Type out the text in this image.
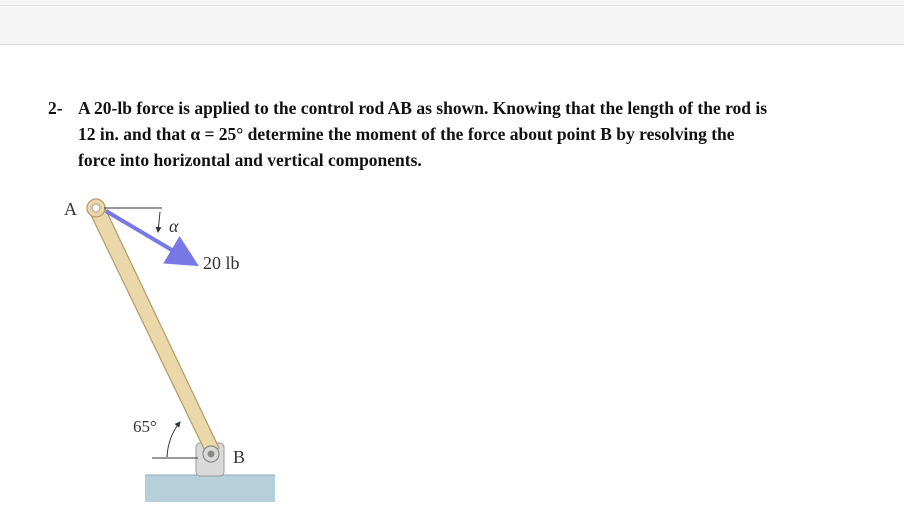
2- A 20-lb force is applied to the control rod AB as shown. Knowing that the length of the rod is
12 in. and that α = 25° determine the moment of the force about point B by resolving the
force into horizontal and vertical components.
α
20 lb
A
B
65°
